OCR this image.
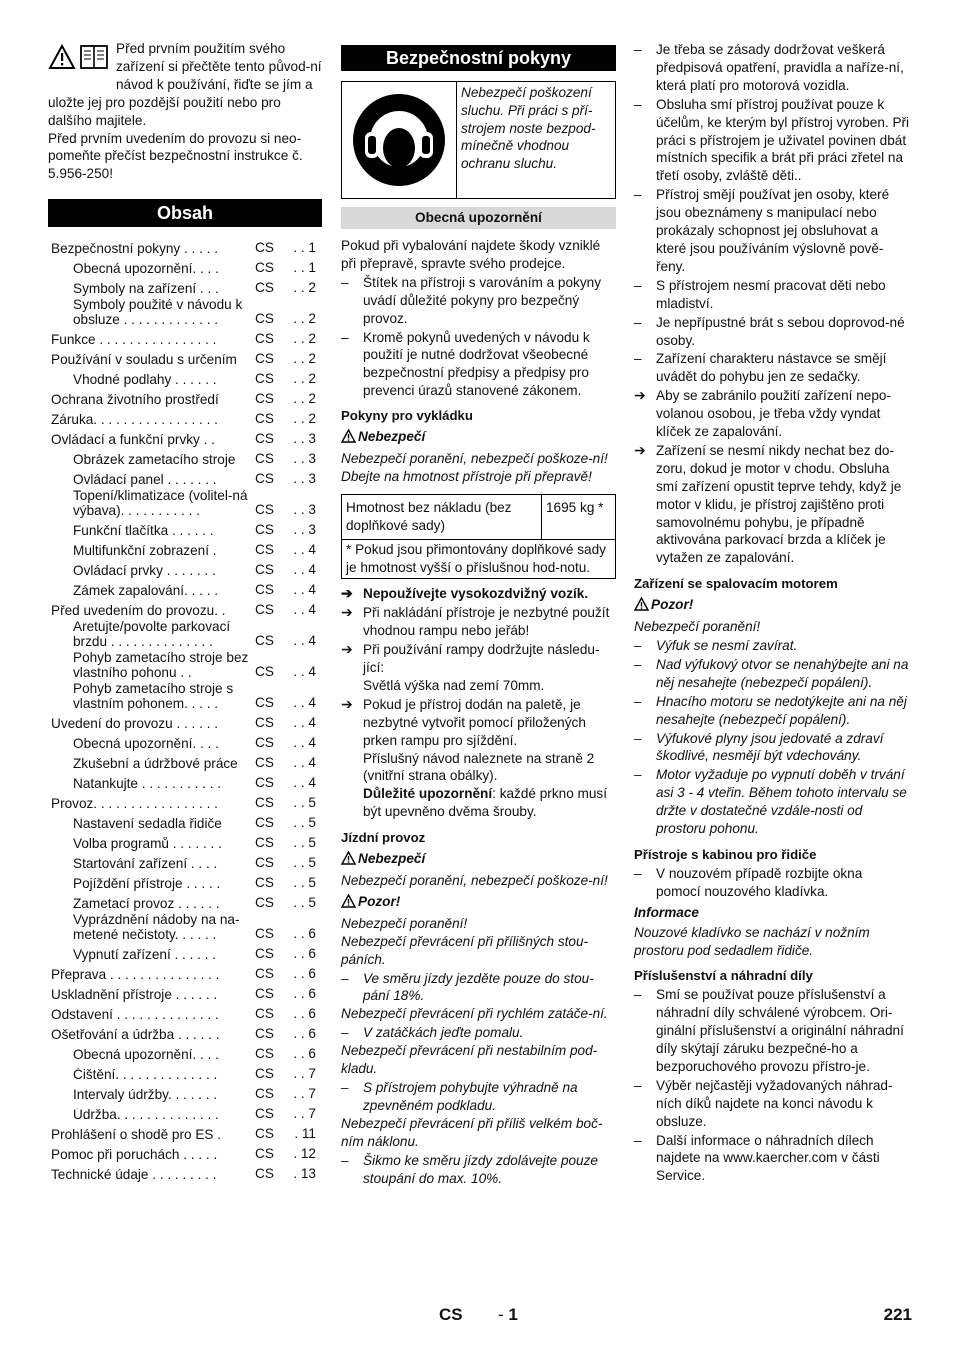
Před prvním použitím svého zařízení si přečtěte tento původ-ní návod k používání, řiďte se jím a uložte jej pro pozdější použití nebo pro dalšího majitele.

Před prvním uvedením do provozu si neo-pomeňte přečíst bezpečnostní instrukce č. 5.956-250!

Obsah
Bezpečnostní pokyny . . . . .	CS	. . 1
Obecná upozornění. . . .	CS	. . 1
Symboly na zařízení . . .	CS	. . 2
Symboly použité v návodu k obsluze . . . . . . . . . . . . .	CS	. . 2
Funkce . . . . . . . . . . . . . . . .	CS	. . 2
Používání v souladu s určením	CS	. . 2
Vhodné podlahy . . . . . .	CS	. . 2
Ochrana životního prostředí	CS	. . 2
Záruka. . . . . . . . . . . . . . . . .	CS	. . 2
Ovládací a funkční prvky . .	CS	. . 3
Obrázek zametacího stroje	CS	. . 3
Ovládací panel . . . . . . .	CS	. . 3
Topení/klimatizace (volitel-ná výbava). . . . . . . . . . .	CS	. . 3
Funkční tlačítka . . . . . .	CS	. . 3
Multifunkční zobrazení .	CS	. . 4
Ovládací prvky . . . . . . .	CS	. . 4
Zámek zapalování. . . . .	CS	. . 4
Před uvedením do provozu. .	CS	. . 4
Aretujte/povolte parkovací brzdu . . . . . . . . . . . . . .	CS	. . 4
Pohyb zametacího stroje bez vlastního pohonu . .	CS	. . 4
Pohyb zametacího stroje s vlastním pohonem. . . . .	CS	. . 4
Uvedení do provozu . . . . . .	CS	. . 4
Obecná upozornění. . . .	CS	. . 4
Zkušební a údržbové práce	CS	. . 4
Natankujte . . . . . . . . . . .	CS	. . 4
Provoz. . . . . . . . . . . . . . . . .	CS	. . 5
Nastavení sedadla řidiče	CS	. . 5
Volba programů . . . . . . .	CS	. . 5
Startování zařízení . . . .	CS	. . 5
Pojíždění přístroje . . . . .	CS	. . 5
Zametací provoz . . . . . .	CS	. . 5
Vyprázdnění nádoby na na-metené nečistoty. . . . . .	CS	. . 6
Vypnutí zařízení . . . . . .	CS	. . 6
Přeprava . . . . . . . . . . . . . . .	CS	. . 6
Uskladnění přístroje . . . . . .	CS	. . 6
Odstavení . . . . . . . . . . . . . .	CS	. . 6
Ošetřování a údržba . . . . . .	CS	. . 6
Obecná upozornění. . . .	CS	. . 6
Čištění. . . . . . . . . . . . . .	CS	. . 7
Intervaly údržby. . . . . . .	CS	. . 7
Údržba. . . . . . . . . . . . . .	CS	. . 7
Prohlášení o shodě pro ES .	CS	. 11
Pomoc při poruchách . . . . .	CS	. 12
Technické údaje . . . . . . . . .	CS	. 13
Bezpečnostní pokyny
Nebezpečí poškození sluchu. Při práci s pří-strojem noste bezpod-mínečně vhodnou ochranu sluchu.
Obecná upozornění

Pokud při vybalování najdete škody vzniklé při přepravě, spravte svého prodejce.

– Štítek na přístroji s varováním a pokyny uvádí důležité pokyny pro bezpečný provoz.
– Kromě pokynů uvedených v návodu k použití je nutné dodržovat všeobecné bezpečnostní předpisy a předpisy pro prevenci úrazů stanovené zákonem.
Pokyny pro vykládku
Nebezpečí

Nebezpečí poranění, nebezpečí poškoze-ní!

Dbejte na hmotnost přístroje při přepravě!

Hmotnost bez nákladu (bez doplňkové sady)
1695 kg *
* Pokud jsou přimontovány doplňkové sady je hmotnost vyšší o příslušnou hod-notu.
➔ Nepoužívejte vysokozdvižný vozík.
➔ Při nakládání přístroje je nezbytné použít vhodnou rampu nebo jeřáb!
➔ Při používání rampy dodržujte následu-jící:
Světlá výška nad zemí 70mm.
➔ Pokud je přístroj dodán na paletě, je nezbytné vytvořit pomocí přiložených prken rampu pro sjíždění.
Příslušný návod naleznete na straně 2 (vnitřní strana obálky).
Důležité upozornění: každé prkno musí být upevněno dvěma šrouby.
Jízdní provoz
Nebezpečí

Nebezpečí poranění, nebezpečí poškoze-ní!

Pozor!

Nebezpečí poranění!

Nebezpečí převrácení při přílišných stou-páních.

– Ve směru jízdy jezděte pouze do stou-pání 18%.

Nebezpečí převrácení při rychlém zatáče-ní.

– V zatáčkách jeďte pomalu.

Nebezpečí převrácení při nestabilním pod-kladu.

– S přístrojem pohybujte výhradně na zpevněném podkladu.

Nebezpečí převrácení při příliš velkém boč-ním náklonu.

– Šikmo ke směru jízdy zdolávejte pouze stoupání do max. 10%.
– Je třeba se zásady dodržovat veškerá předpisová opatření, pravidla a naříze-ní, která platí pro motorová vozidla.
– Obsluha smí přístroj používat pouze k účelům, ke kterým byl přístroj vyroben. Při práci s přístrojem je uživatel povinen dbát místních specifik a brát při práci zřetel na třetí osoby, zvláště děti..
– Přístroj smějí používat jen osoby, které jsou obeznámeny s manipulací nebo prokázaly schopnost jej obsluhovat a které jsou používáním výslovně pově-řeny.
– S přístrojem nesmí pracovat děti nebo mladiství.
– Je nepřípustné brát s sebou doprovod-né osoby.
– Zařízení charakteru nástavce se smějí uvádět do pohybu jen ze sedačky.
➔ Aby se zabránilo použití zařízení nepo-volanou osobou, je třeba vždy vyndat klíček ze zapalování.
➔ Zařízení se nesmí nikdy nechat bez do-zoru, dokud je motor v chodu. Obsluha smí zařízení opustit teprve tehdy, když je motor v klidu, je přístroj zajištěno proti samovolnému pohybu, je případně aktivována parkovací brzda a klíček je vytažen ze zapalování.
Zařízení se spalovacím motorem
Pozor!

Nebezpečí poranění!

– Výfuk se nesmí zavírat.
– Nad výfukový otvor se nenahýbejte ani na něj nesahejte (nebezpečí popálení).
– Hnacího motoru se nedotýkejte ani na něj nesahejte (nebezpečí popálení).
– Výfukové plyny jsou jedovaté a zdraví škodlivé, nesmějí být vdechovány.
– Motor vyžaduje po vypnutí doběh v trvání asi 3 - 4 vteřin. Během tohoto intervalu se držte v dostatečné vzdále-nosti od prostoru pohonu.
Přístroje s kabinou pro řidiče
– V nouzovém případě rozbijte okna pomocí nouzového kladívka.

Informace

Nouzové kladívko se nachází v nožním prostoru pod sedadlem řidiče.

Příslušenství a náhradní díly
– Smí se používat pouze příslušenství a náhradní díly schválené výrobcem. Ori-ginální příslušenství a originální náhradní díly skýtají záruku bezpečné-ho a bezporuchového provozu přístro-je.
– Výběr nejčastěji vyžadovaných náhrad-ních díků najdete na konci návodu k obsluze.
– Další informace o náhradních dílech najdete na www.kaercher.com v části Service.
CS - 1	221
